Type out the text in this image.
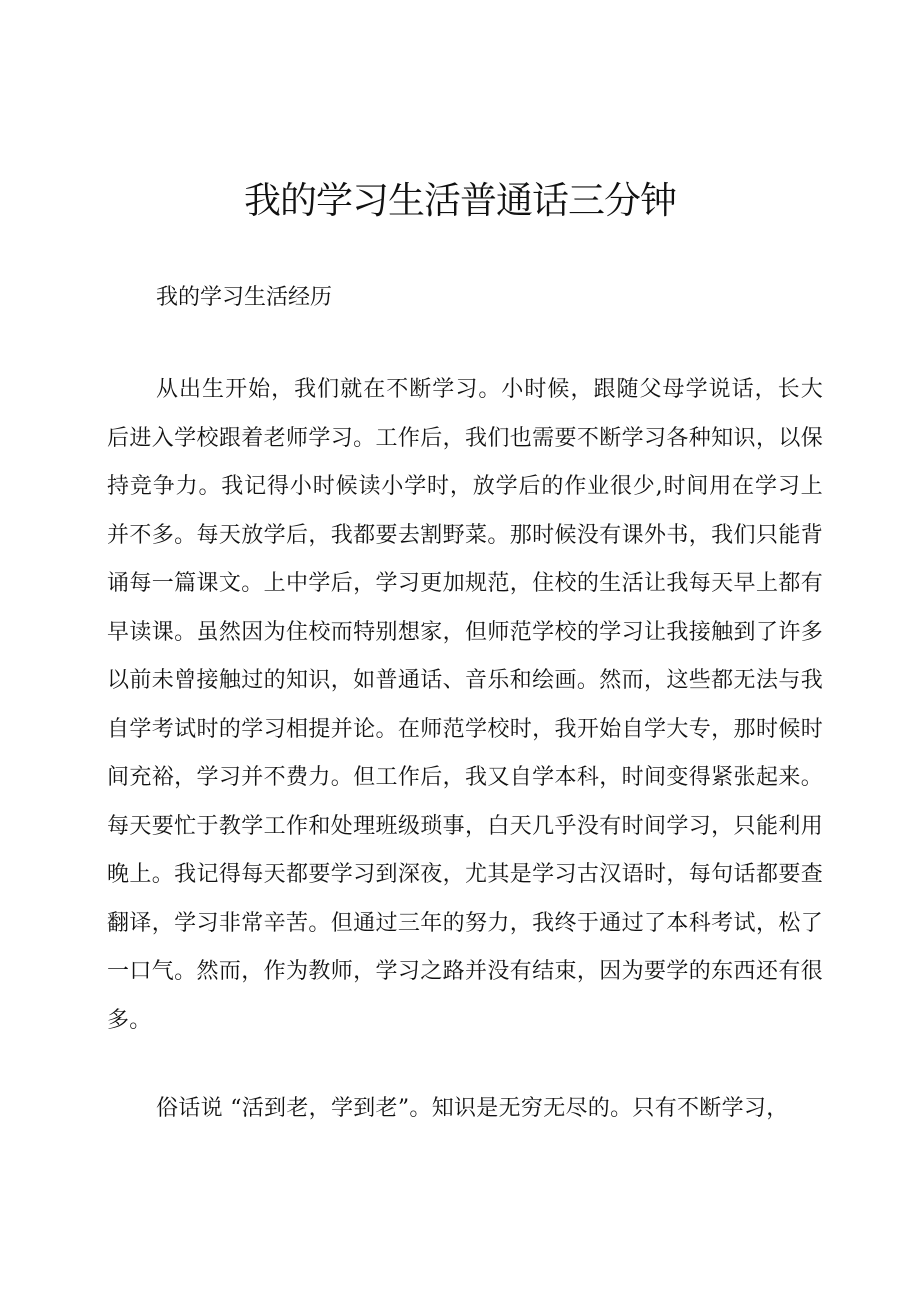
我的学习生活普通话三分钟

我的学习生活经历

从出生开始，我们就在不断学习。小时候，跟随父母学说话，长大后进入学校跟着老师学习。工作后，我们也需要不断学习各种知识，以保持竞争力。我记得小时候读小学时，放学后的作业很少,时间用在学习上并不多。每天放学后，我都要去割野菜。那时候没有课外书，我们只能背诵每一篇课文。上中学后，学习更加规范，住校的生活让我每天早上都有早读课。虽然因为住校而特别想家，但师范学校的学习让我接触到了许多以前未曾接触过的知识，如普通话、音乐和绘画。然而，这些都无法与我自学考试时的学习相提并论。在师范学校时，我开始自学大专，那时候时间充裕，学习并不费力。但工作后，我又自学本科，时间变得紧张起来。每天要忙于教学工作和处理班级琐事，白天几乎没有时间学习，只能利用晚上。我记得每天都要学习到深夜，尤其是学习古汉语时，每句话都要查翻译，学习非常辛苦。但通过三年的努力，我终于通过了本科考试，松了一口气。然而，作为教师，学习之路并没有结束，因为要学的东西还有很多。

俗话说 “活到老，学到老”。知识是无穷无尽的。只有不断学习，
